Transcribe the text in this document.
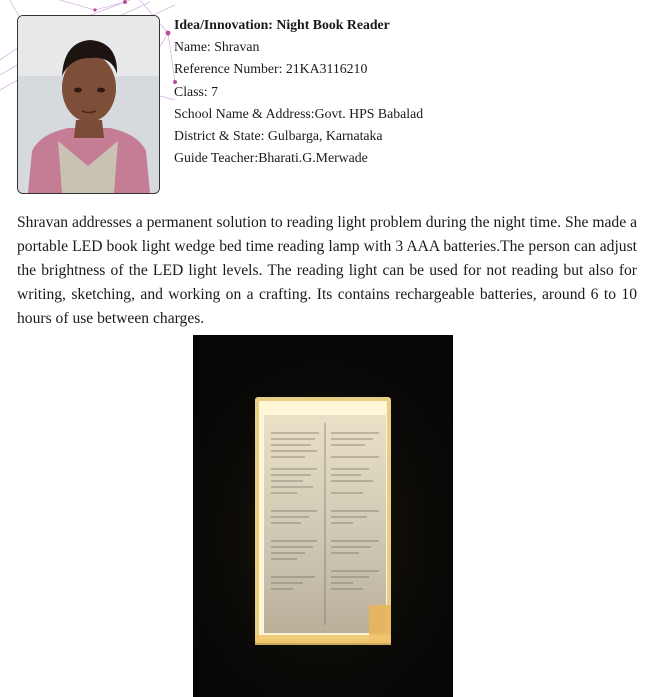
Idea/Innovation: Night Book Reader
Name: Shravan
Reference Number: 21KA3116210
Class: 7
School Name & Address:Govt. HPS Babalad
District & State: Gulbarga, Karnataka
Guide Teacher:Bharati.G.Merwade

Shravan addresses a permanent solution to reading light problem during the night time. She made a portable LED book light wedge bed time reading lamp with 3 AAA batteries.The person can adjust the brightness of the LED light levels. The reading light can be used for not reading but also for writing, sketching, and working on a crafting. Its contains rechargeable batteries, around 6 to 10 hours of use between charges.
